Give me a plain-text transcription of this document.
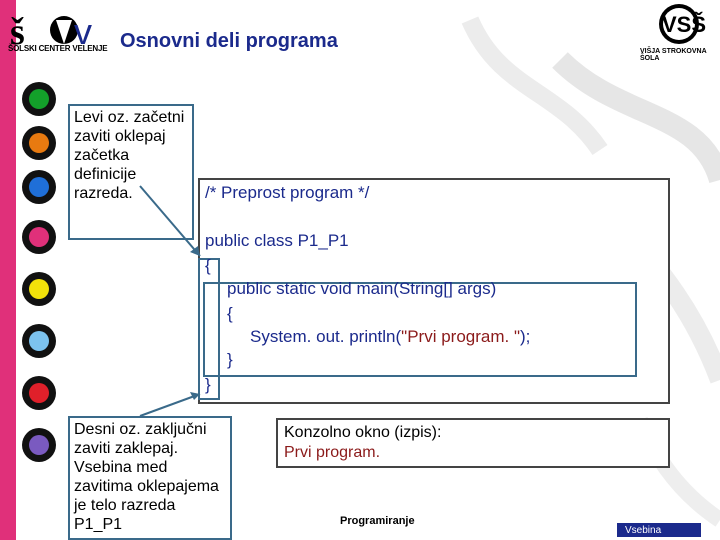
š v
ŠOLSKI CENTER VELENJE Osnovni deli programa
VSŠ
VIŠJA STROKOVNA ŠOLA
Levi oz. začetni zaviti oklepaj začetka definicije razreda.
Desni oz. zaključni zaviti zaklepaj. Vsebina med zavitima oklepajema je telo razreda P1_P1
/* Preprost program */
public class P1_P1
{
public static void main(String[] args)
{
System. out. println("Prvi program. ");
}
}
Konzolno okno (izpis):
Prvi program.
Programiranje
Vsebina
